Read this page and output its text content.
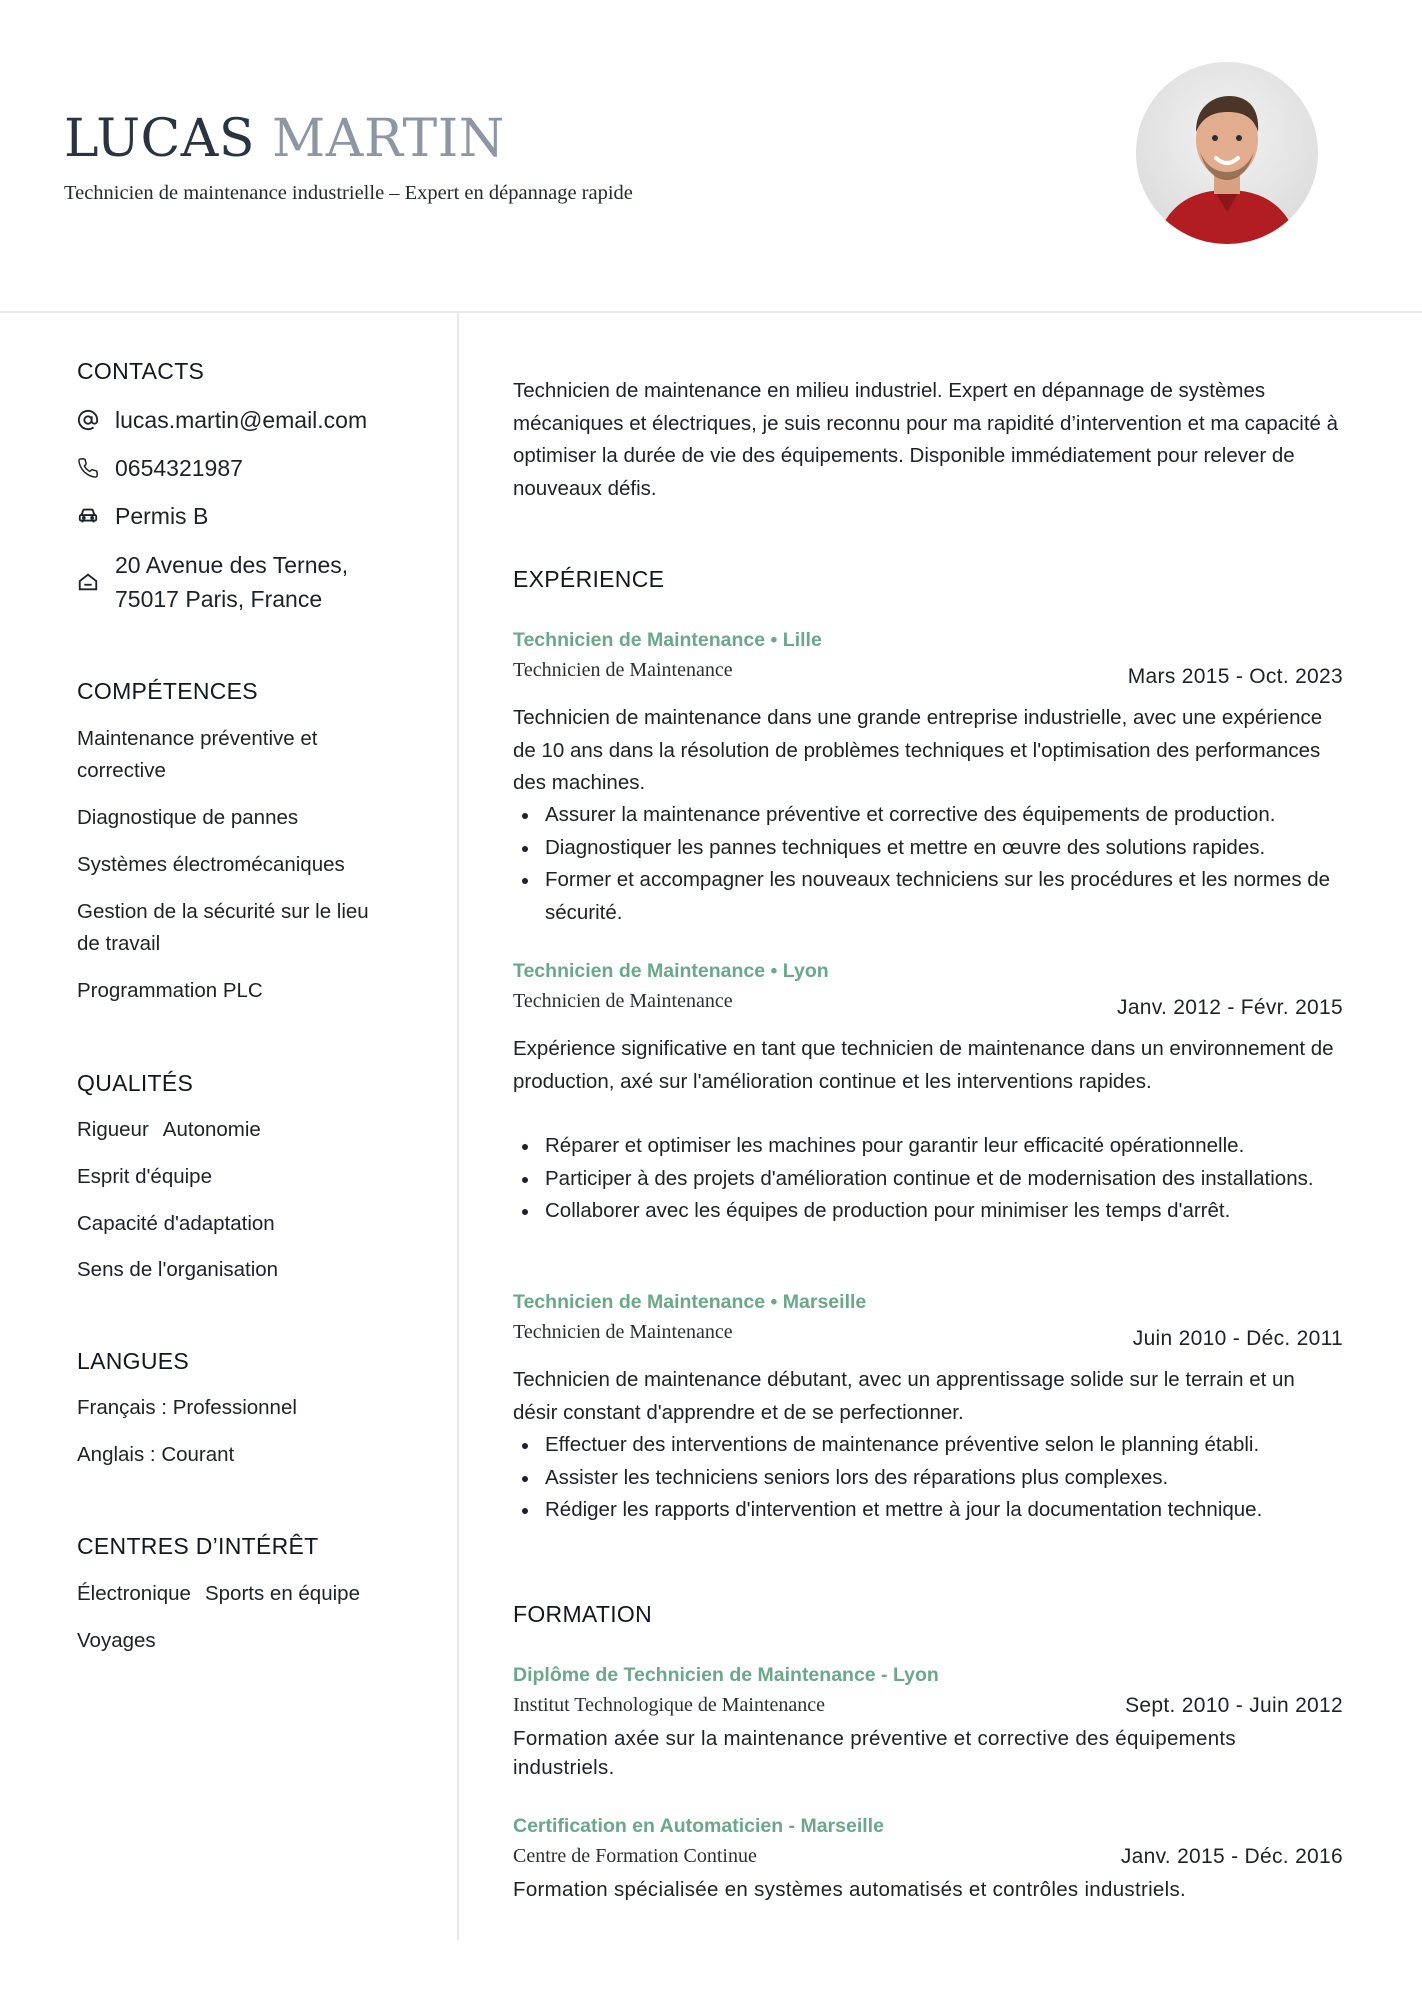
LUCAS MARTIN
Technicien de maintenance industrielle – Expert en dépannage rapide
CONTACTS
lucas.martin@email.com
0654321987
Permis B
20 Avenue des Ternes,
75017 Paris, France
COMPÉTENCES
Maintenance préventive et corrective
Diagnostique de pannes
Systèmes électromécaniques
Gestion de la sécurité sur le lieu de travail
Programmation PLC
QUALITÉS
Rigueur Autonomie
Esprit d'équipe
Capacité d'adaptation
Sens de l'organisation
LANGUES
Français : Professionnel
Anglais : Courant
CENTRES D’INTÉRÊT
Électronique Sports en équipe
Voyages
Technicien de maintenance en milieu industriel. Expert en dépannage de systèmes mécaniques et électriques, je suis reconnu pour ma rapidité d’intervention et ma capacité à optimiser la durée de vie des équipements. Disponible immédiatement pour relever de nouveaux défis.
EXPÉRIENCE
Technicien de Maintenance • Lille
Technicien de Maintenance	Mars 2015 - Oct. 2023
Technicien de maintenance dans une grande entreprise industrielle, avec une expérience de 10 ans dans la résolution de problèmes techniques et l'optimisation des performances des machines.
Assurer la maintenance préventive et corrective des équipements de production.
Diagnostiquer les pannes techniques et mettre en œuvre des solutions rapides.
Former et accompagner les nouveaux techniciens sur les procédures et les normes de sécurité.
Technicien de Maintenance • Lyon
Technicien de Maintenance	Janv. 2012 - Févr. 2015
Expérience significative en tant que technicien de maintenance dans un environnement de production, axé sur l'amélioration continue et les interventions rapides.
Réparer et optimiser les machines pour garantir leur efficacité opérationnelle.
Participer à des projets d'amélioration continue et de modernisation des installations.
Collaborer avec les équipes de production pour minimiser les temps d'arrêt.
Technicien de Maintenance • Marseille
Technicien de Maintenance	Juin 2010 - Déc. 2011
Technicien de maintenance débutant, avec un apprentissage solide sur le terrain et un désir constant d'apprendre et de se perfectionner.
Effectuer des interventions de maintenance préventive selon le planning établi.
Assister les techniciens seniors lors des réparations plus complexes.
Rédiger les rapports d'intervention et mettre à jour la documentation technique.
FORMATION
Diplôme de Technicien de Maintenance - Lyon
Institut Technologique de Maintenance	Sept. 2010 - Juin 2012
Formation axée sur la maintenance préventive et corrective des équipements industriels.
Certification en Automaticien - Marseille
Centre de Formation Continue	Janv. 2015 - Déc. 2016
Formation spécialisée en systèmes automatisés et contrôles industriels.
